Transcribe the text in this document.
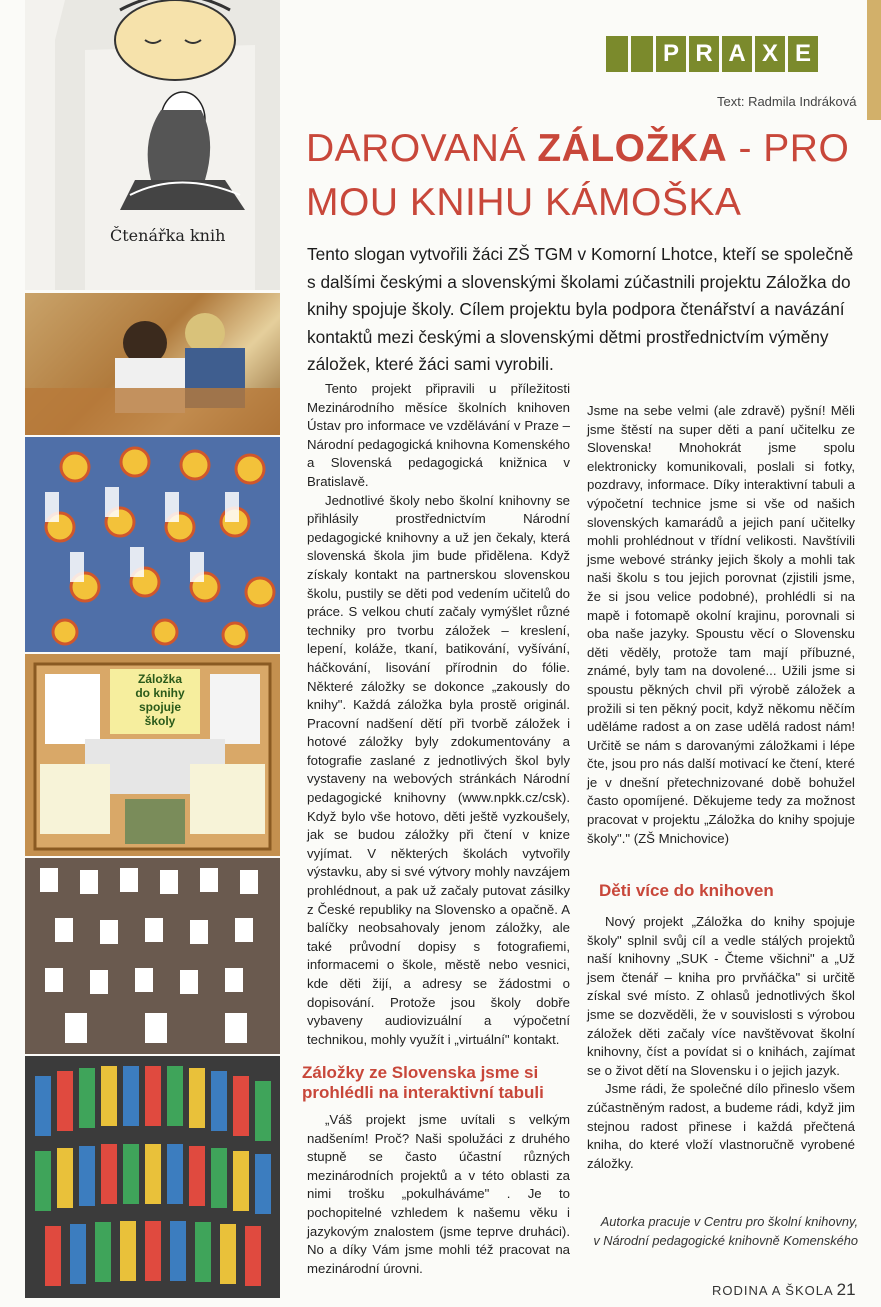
Čtenářka knih
Záložka
do knihy
spojuje
školy
P R A X E
Text: Radmila Indráková
DAROVANÁ ZÁLOŽKA - PRO MOU KNIHU KÁMOŠKA
Tento slogan vytvořili žáci ZŠ TGM v Komorní Lhotce, kteří se společně s dalšími českými a slovenskými školami zúčastnili projektu Záložka do knihy spojuje školy. Cílem projektu byla podpora čtenářství a navázání kontaktů mezi českými a slovenskými dětmi prostřednictvím výměny záložek, které žáci sami vyrobili.

Tento projekt připravili u příležitosti Mezinárodního měsíce školních knihoven Ústav pro informace ve vzdělávání v Praze – Národní pedagogická knihovna Komenského a Slovenská pedagogická knižnica v Bratislavě.

Jednotlivé školy nebo školní knihovny se přihlásily prostřednictvím Národní pedagogické knihovny a už jen čekaly, která slovenská škola jim bude přidělena. Když získaly kontakt na partnerskou slovenskou školu, pustily se děti pod vedením učitelů do práce. S velkou chutí začaly vymýšlet různé techniky pro tvorbu záložek – kreslení, lepení, koláže, tkaní, batikování, vyšívání, háčkování, lisování přírodnin do fólie. Některé záložky se dokonce „zakously do knihy". Každá záložka byla prostě originál. Pracovní nadšení dětí při tvorbě záložek i hotové záložky byly zdokumentovány a fotografie zaslané z jednotlivých škol byly vystaveny na webových stránkách Národní pedagogické knihovny (www.npkk.cz/csk). Když bylo vše hotovo, děti ještě vyzkoušely, jak se budou záložky při čtení v knize vyjímat. V některých školách vytvořily výstavku, aby si své výtvory mohly navzájem prohlédnout, a pak už začaly putovat zásilky z České republiky na Slovensko a opačně. A balíčky neobsahovaly jenom záložky, ale také průvodní dopisy s fotografiemi, informacemi o škole, městě nebo vesnici, kde děti žijí, a adresy se žádostmi o dopisování. Protože jsou školy dobře vybaveny audiovizuální a výpočetní technikou, mohly využít i „virtuální" kontakt.

Záložky ze Slovenska jsme si prohlédli na interaktivní tabuli

„Váš projekt jsme uvítali s velkým nadšením! Proč? Naši spolužáci z druhého stupně se často účastní různých mezinárodních projektů a v této oblasti za nimi trošku „pokulháváme" . Je to pochopitelné vzhledem k našemu věku i jazykovým znalostem (jsme teprve druháci). No a díky Vám jsme mohli též pracovat na mezinárodní úrovni.

Jsme na sebe velmi (ale zdravě) pyšní! Měli jsme štěstí na super děti a paní učitelku ze Slovenska! Mnohokrát jsme spolu elektronicky komunikovali, poslali si fotky, pozdravy, informace. Díky interaktivní tabuli a výpočetní technice jsme si vše od našich slovenských kamarádů a jejich paní učitelky mohli prohlédnout v třídní velikosti. Navštívili jsme webové stránky jejich školy a mohli tak naši školu s tou jejich porovnat (zjistili jsme, že si jsou velice podobné), prohlédli si na mapě i fotomapě okolní krajinu, porovnali si oba naše jazyky. Spoustu věcí o Slovensku děti věděly, protože tam mají příbuzné, známé, byly tam na dovolené... Užili jsme si spoustu pěkných chvil při výrobě záložek a prožili si ten pěkný pocit, když někomu něčím uděláme radost a on zase udělá radost nám! Určitě se nám s darovanými záložkami i lépe čte, jsou pro nás další motivací ke čtení, které je v dnešní přetechnizované době bohužel často opomíjené. Děkujeme tedy za možnost pracovat v projektu „Záložka do knihy spojuje školy"." (ZŠ Mnichovice)

Děti více do knihoven

Nový projekt „Záložka do knihy spojuje školy" splnil svůj cíl a vedle stálých projektů naší knihovny „SUK - Čteme všichni" a „Už jsem čtenář – kniha pro prvňáčka" si určitě získal své místo. Z ohlasů jednotlivých škol jsme se dozvěděli, že v souvislosti s výrobou záložek děti začaly více navštěvovat školní knihovny, číst a povídat si o knihách, zajímat se o život dětí na Slovensku i o jejich jazyk.

Jsme rádi, že společné dílo přineslo všem zúčastněným radost, a budeme rádi, když jim stejnou radost přinese i každá přečtená kniha, do které vloží vlastnoručně vyrobené záložky.

Autorka pracuje v Centru pro školní knihovny, v Národní pedagogické knihovně Komenského
RODINA A ŠKOLA 21
